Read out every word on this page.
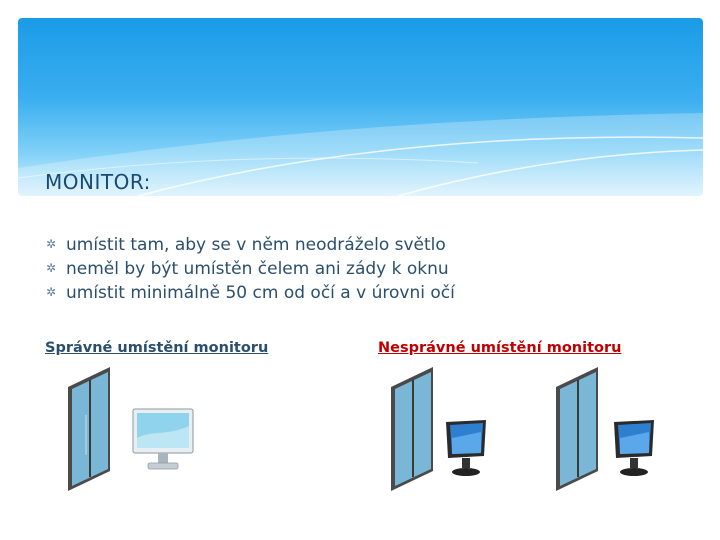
MONITOR:
✲ umístit tam, aby se v něm neodráželo světlo
✲ neměl by být umístěn čelem ani zády k oknu
✲ umístit minimálně 50 cm od očí a v úrovni očí
Správné umístění monitoru	Nesprávné umístění monitoru
